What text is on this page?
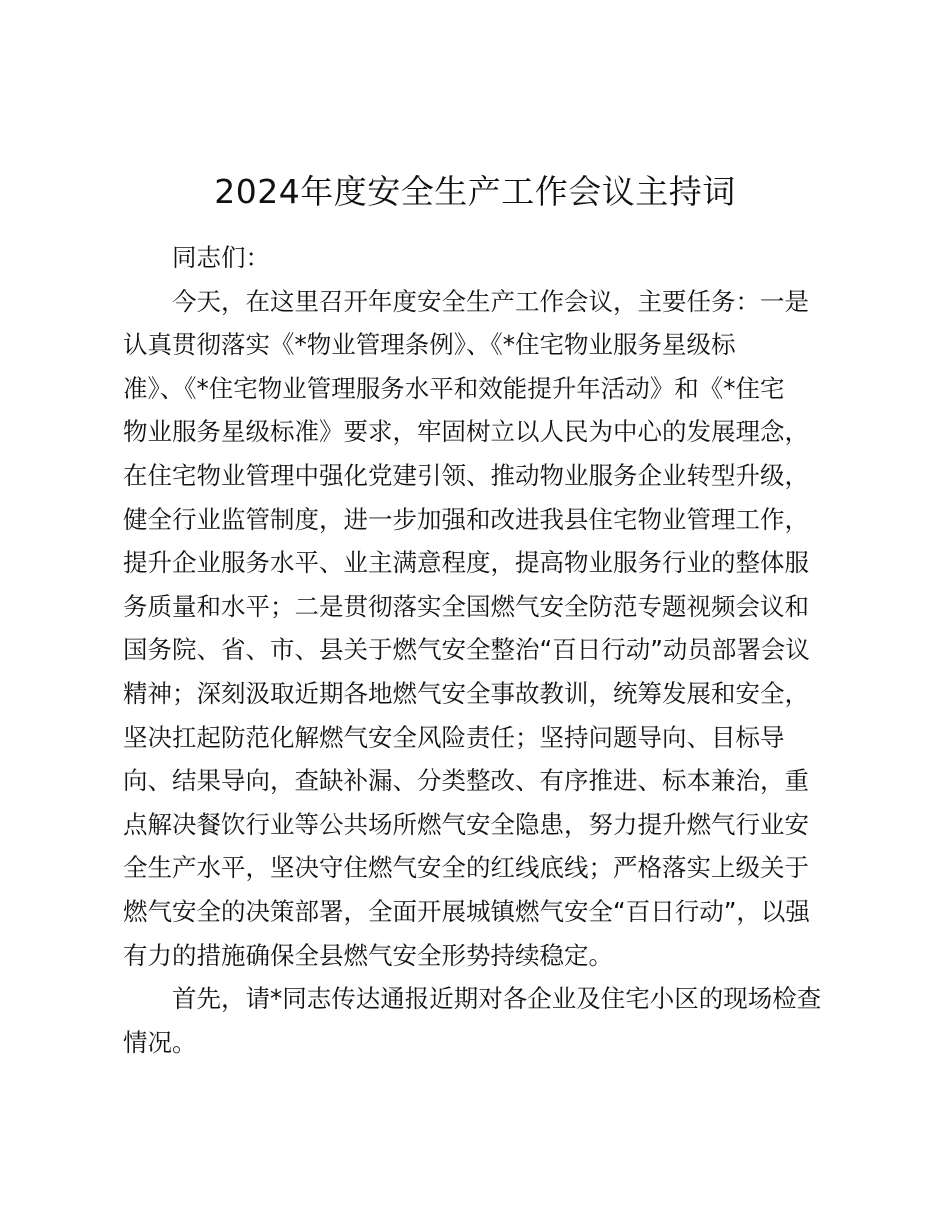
2024年度安全生产工作会议主持词

同志们：

今天，在这里召开年度安全生产工作会议，主要任务：一是
认真贯彻落实《*物业管理条例》、《*住宅物业服务星级标
准》、《*住宅物业管理服务水平和效能提升年活动》和《*住宅
物业服务星级标准》要求，牢固树立以人民为中心的发展理念，
在住宅物业管理中强化党建引领、推动物业服务企业转型升级，
健全行业监管制度，进一步加强和改进我县住宅物业管理工作，
提升企业服务水平、业主满意程度，提高物业服务行业的整体服
务质量和水平；二是贯彻落实全国燃气安全防范专题视频会议和
国务院、省、市、县关于燃气安全整治“百日行动”动员部署会议
精神；深刻汲取近期各地燃气安全事故教训，统筹发展和安全，
坚决扛起防范化解燃气安全风险责任；坚持问题导向、目标导
向、结果导向，查缺补漏、分类整改、有序推进、标本兼治，重
点解决餐饮行业等公共场所燃气安全隐患，努力提升燃气行业安
全生产水平，坚决守住燃气安全的红线底线；严格落实上级关于
燃气安全的决策部署，全面开展城镇燃气安全“百日行动”，以强
有力的措施确保全县燃气安全形势持续稳定。

首先，请*同志传达通报近期对各企业及住宅小区的现场检查
情况。
